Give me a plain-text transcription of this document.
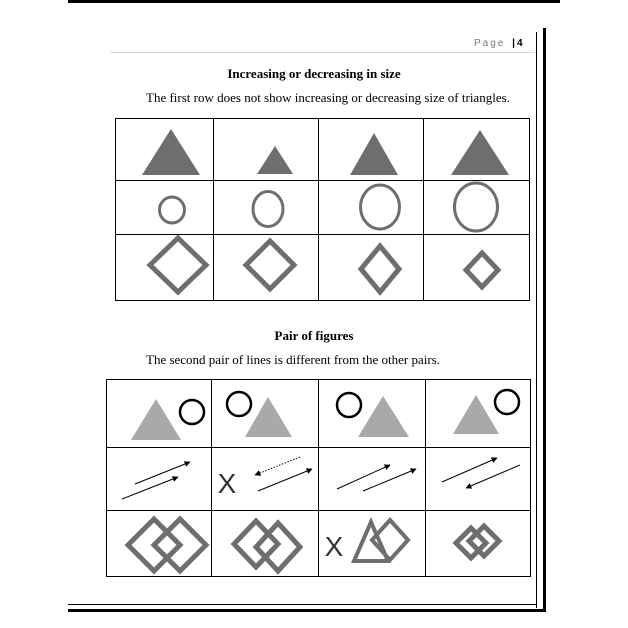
Page | 4
Increasing or decreasing in size
The first row does not show increasing or decreasing size of triangles.
Pair of figures
The second pair of lines is different from the other pairs.
X
X
